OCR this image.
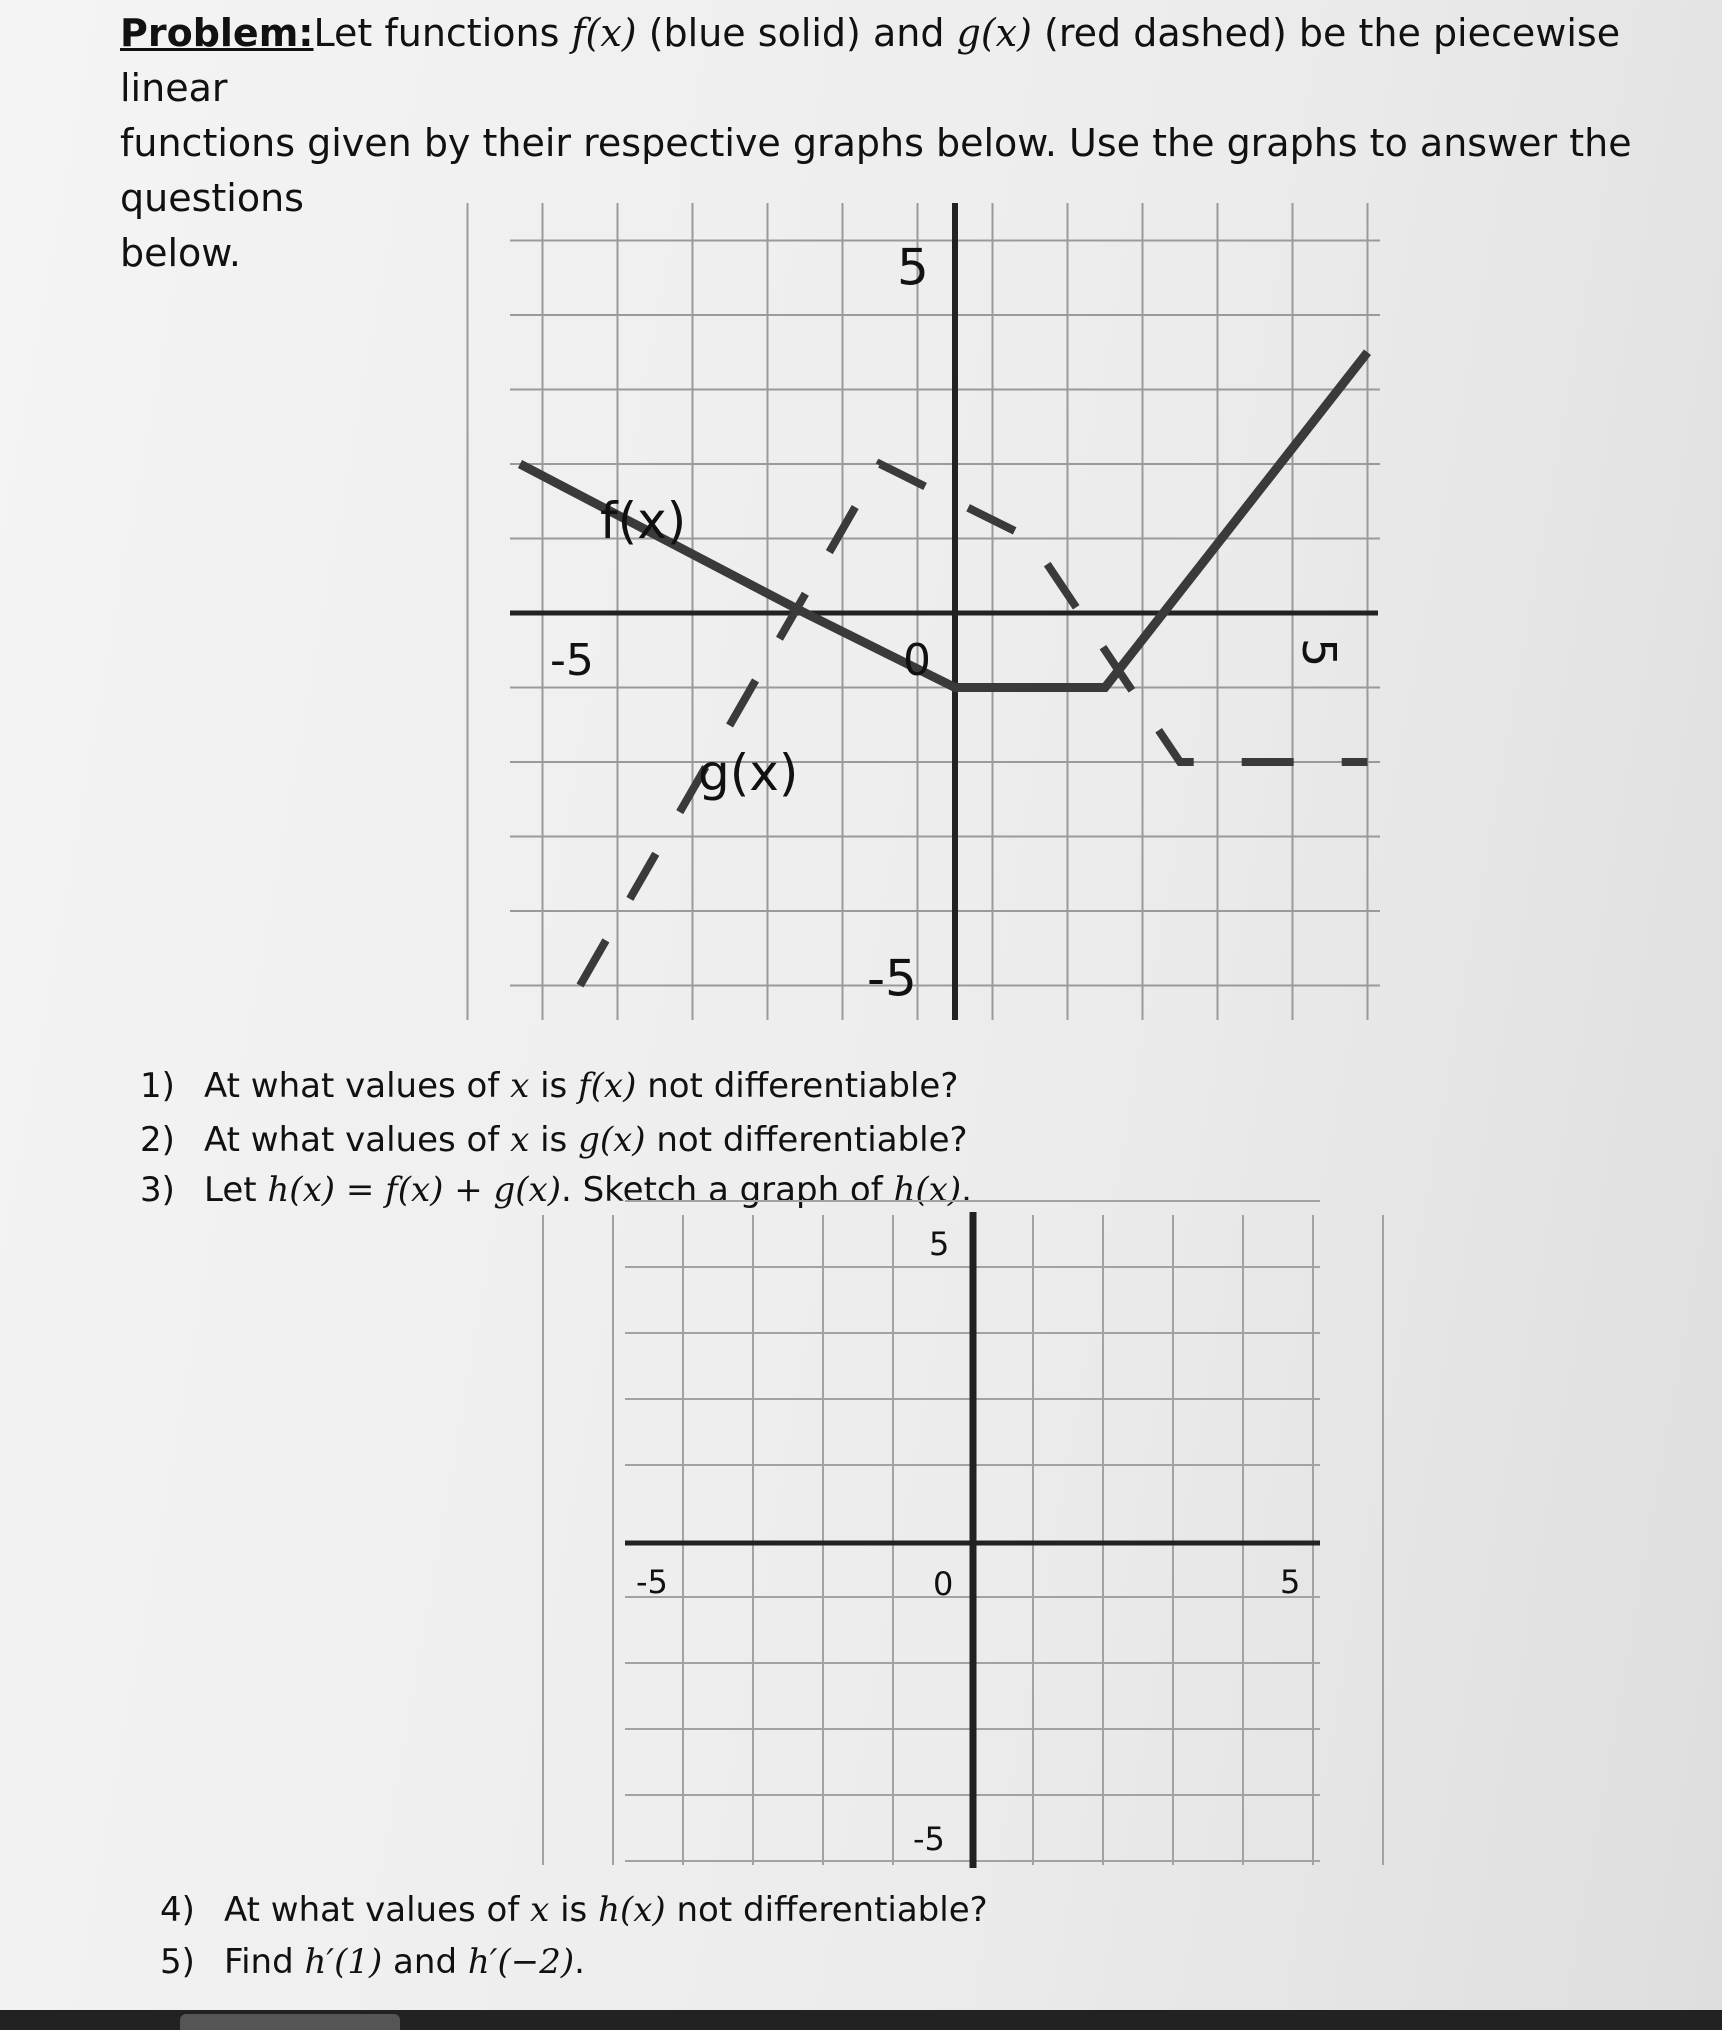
Problem:Let functions f(x) (blue solid) and g(x) (red dashed) be the piecewise linear
functions given by their respective graphs below. Use the graphs to answer the questions
below.
-5	0	5
5
-5
f(x)
g(x)
1) At what values of x is f(x) not differentiable?
2) At what values of x is g(x) not differentiable?
3) Let h(x) = f(x) + g(x). Sketch a graph of h(x).
-5	0	5
5
-5
4) At what values of x is h(x) not differentiable?
5) Find h′(1) and h′(−2).
